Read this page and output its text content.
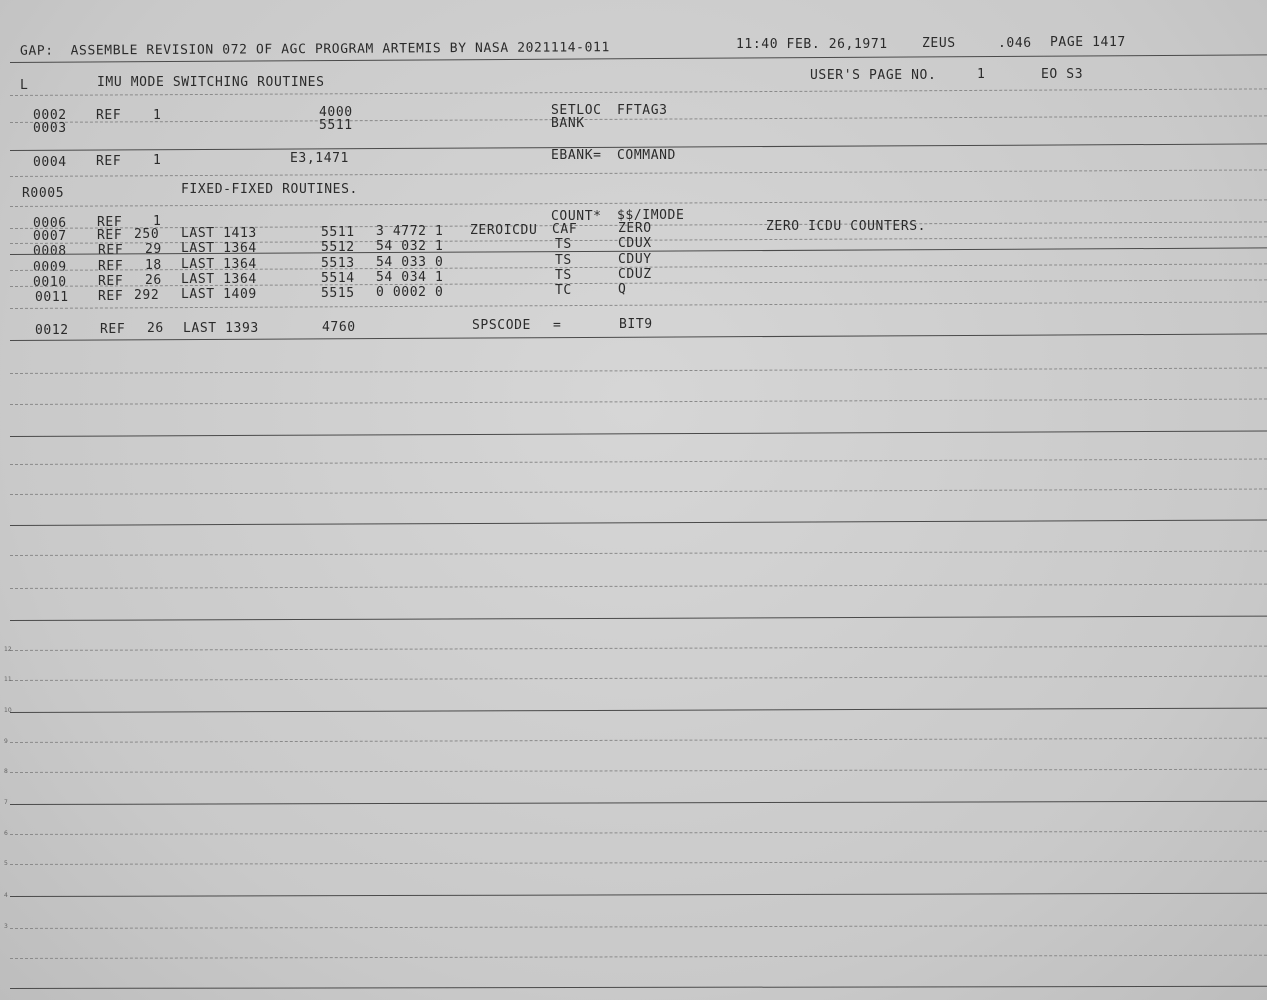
GAP:  ASSEMBLE REVISION 072 OF AGC PROGRAM ARTEMIS BY NASA 2021114-011	11:40 FEB. 26,1971	ZEUS	.046 PAGE 1417
L	IMU MODE SWITCHING ROUTINES	USER'S PAGE NO.	1	EO S3
0002 REF 1	4000	SETLOC FFTAG3
0003	5511	BANK
0004 REF 1	E3,1471	EBANK= COMMAND
R0005	FIXED-FIXED ROUTINES.
0006 REF 1	COUNT* $$/IMODE
0007 REF 250 LAST 1413	5511 3 4772 1 ZEROICDU CAF	ZERO	ZERO ICDU COUNTERS.
0008 REF 29 LAST 1364	5512 54 032 1	TS	CDUX
0009 REF 18 LAST 1364	5513 54 033 0	TS	CDUY
0010 REF 26 LAST 1364	5514 54 034 1	TS	CDUZ
0011 REF 292 LAST 1409	5515 0 0002 0	TC	Q
0012 REF 26 LAST 1393	4760	SPSCODE =	BIT9
12
11
10
9
8
7
6
5
4
3
